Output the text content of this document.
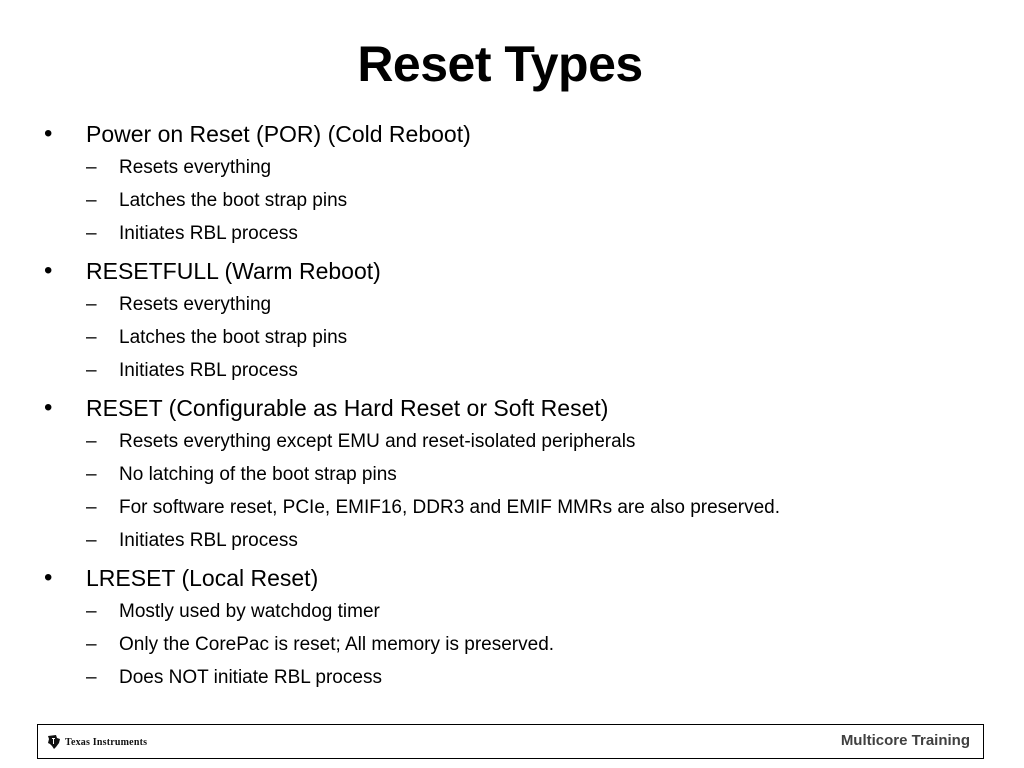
Reset Types
• Power on Reset (POR) (Cold Reboot)
– Resets everything
– Latches the boot strap pins
– Initiates RBL process
• RESETFULL (Warm Reboot)
– Resets everything
– Latches the boot strap pins
– Initiates RBL process
• RESET (Configurable as Hard Reset or Soft Reset)
– Resets everything except EMU and reset-isolated peripherals
– No latching of the boot strap pins
– For software reset, PCIe, EMIF16, DDR3 and EMIF MMRs are also preserved.
– Initiates RBL process
• LRESET (Local Reset)
– Mostly used by watchdog timer
– Only the CorePac is reset; All memory is preserved.
– Does NOT initiate RBL process
Texas Instruments	Multicore Training
